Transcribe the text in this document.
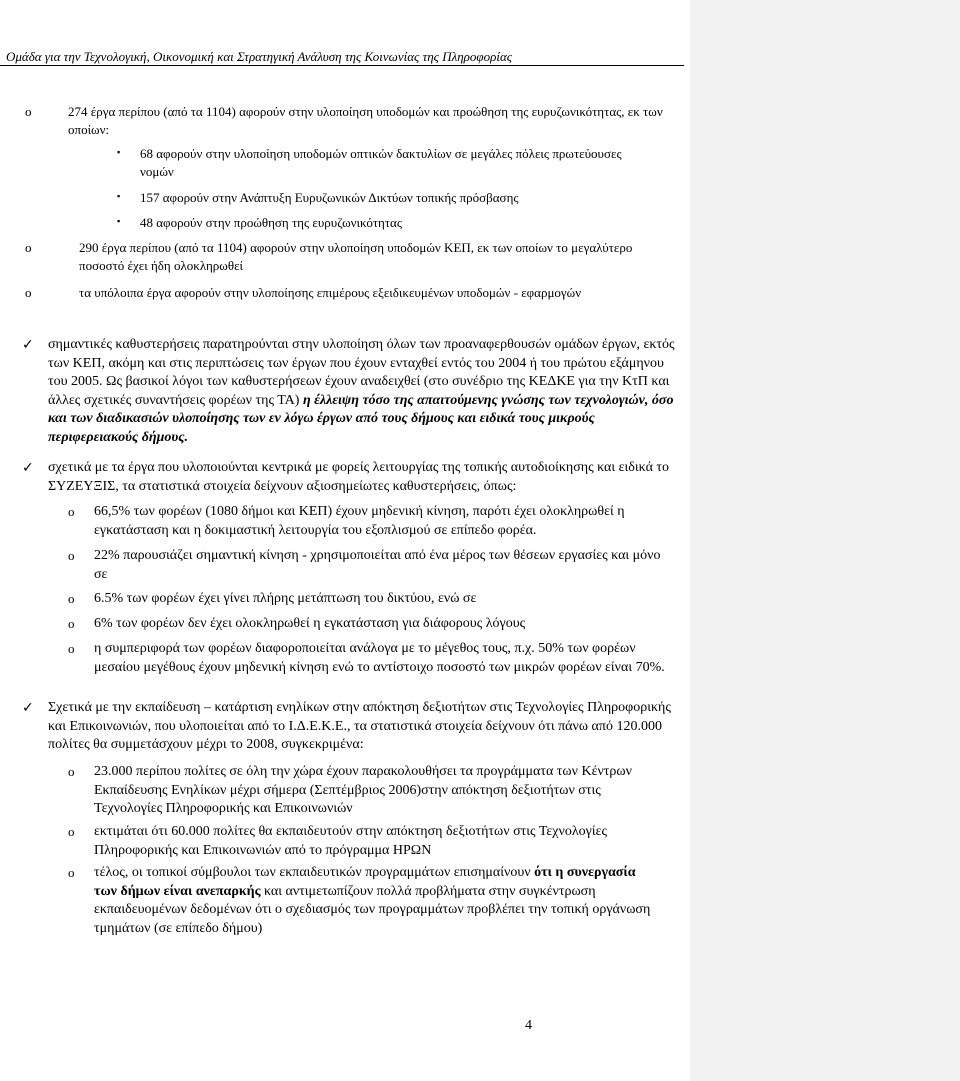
Ομάδα για την Τεχνολογική, Οικονομική και Στρατηγική Ανάλυση της Κοινωνίας της Πληροφορίας
o	274 έργα περίπου (από τα 1104) αφορούν στην υλοποίηση υποδομών και προώθηση της ευρυζωνικότητας, εκ των οποίων:
▪ 68 αφορούν στην υλοποίηση υποδομών οπτικών δακτυλίων σε μεγάλες πόλεις πρωτεύουσες νομών
▪ 157 αφορούν στην Ανάπτυξη Ευρυζωνικών Δικτύων τοπικής πρόσβασης
▪ 48 αφορούν στην προώθηση της ευρυζωνικότητας
o	290 έργα περίπου (από τα 1104) αφορούν στην υλοποίηση υποδομών ΚΕΠ, εκ των οποίων το μεγαλύτερο ποσοστό έχει ήδη ολοκληρωθεί
o	τα υπόλοιπα έργα αφορούν στην υλοποίησης επιμέρους εξειδικευμένων υποδομών - εφαρμογών
✓ σημαντικές καθυστερήσεις παρατηρούνται στην υλοποίηση όλων των προαναφερθουσών ομάδων έργων, εκτός των ΚΕΠ, ακόμη και στις περιπτώσεις των έργων που έχουν ενταχθεί εντός του 2004 ή του πρώτου εξάμηνου του 2005. Ως βασικοί λόγοι των καθυστερήσεων έχουν αναδειχθεί (στο συνέδριο της ΚΕΔΚΕ για την ΚτΠ και άλλες σχετικές συναντήσεις φορέων της ΤΑ) η έλλειψη τόσο της απαιτούμενης γνώσης των τεχνολογιών, όσο και των διαδικασιών υλοποίησης των εν λόγω έργων από τους δήμους και ειδικά τους μικρούς περιφερειακούς δήμους.
✓ σχετικά με τα έργα που υλοποιούνται κεντρικά με φορείς λειτουργίας της τοπικής αυτοδιοίκησης και ειδικά το ΣΥΖΕΥΞΙΣ, τα στατιστικά στοιχεία δείχνουν αξιοσημείωτες καθυστερήσεις, όπως:
o 66,5% των φορέων (1080 δήμοι και ΚΕΠ) έχουν μηδενική κίνηση, παρότι έχει ολοκληρωθεί η εγκατάσταση και η δοκιμαστική λειτουργία του εξοπλισμού σε επίπεδο φορέα.
o 22% παρουσιάζει σημαντική κίνηση - χρησιμοποιείται από ένα μέρος των θέσεων εργασίες και μόνο σε
o 6.5% των φορέων έχει γίνει πλήρης μετάπτωση του δικτύου, ενώ σε
o 6% των φορέων δεν έχει ολοκληρωθεί η εγκατάσταση για διάφορους λόγους
o η συμπεριφορά των φορέων διαφοροποιείται ανάλογα με το μέγεθος τους, π.χ. 50% των φορέων μεσαίου μεγέθους έχουν μηδενική κίνηση ενώ το αντίστοιχο ποσοστό των μικρών φορέων είναι 70%.
✓ Σχετικά με την εκπαίδευση – κατάρτιση ενηλίκων στην απόκτηση δεξιοτήτων στις Τεχνολογίες Πληροφορικής και Επικοινωνιών, που υλοποιείται από το Ι.Δ.Ε.Κ.Ε., τα στατιστικά στοιχεία δείχνουν ότι πάνω από 120.000 πολίτες θα συμμετάσχουν μέχρι το 2008, συγκεκριμένα:
o 23.000 περίπου πολίτες σε όλη την χώρα έχουν παρακολουθήσει τα προγράμματα των Κέντρων Εκπαίδευσης Ενηλίκων μέχρι σήμερα (Σεπτέμβριος 2006)στην απόκτηση δεξιοτήτων στις Τεχνολογίες Πληροφορικής και Επικοινωνιών
o εκτιμάται ότι 60.000 πολίτες θα εκπαιδευτούν στην απόκτηση δεξιοτήτων στις Τεχνολογίες Πληροφορικής και Επικοινωνιών από το πρόγραμμα ΗΡΩΝ
o τέλος, οι τοπικοί σύμβουλοι των εκπαιδευτικών προγραμμάτων επισημαίνουν ότι η συνεργασία των δήμων είναι ανεπαρκής και αντιμετωπίζουν πολλά προβλήματα στην συγκέντρωση εκπαιδευομένων δεδομένων ότι ο σχεδιασμός των προγραμμάτων προβλέπει την τοπική οργάνωση τμημάτων (σε επίπεδο δήμου)
4
